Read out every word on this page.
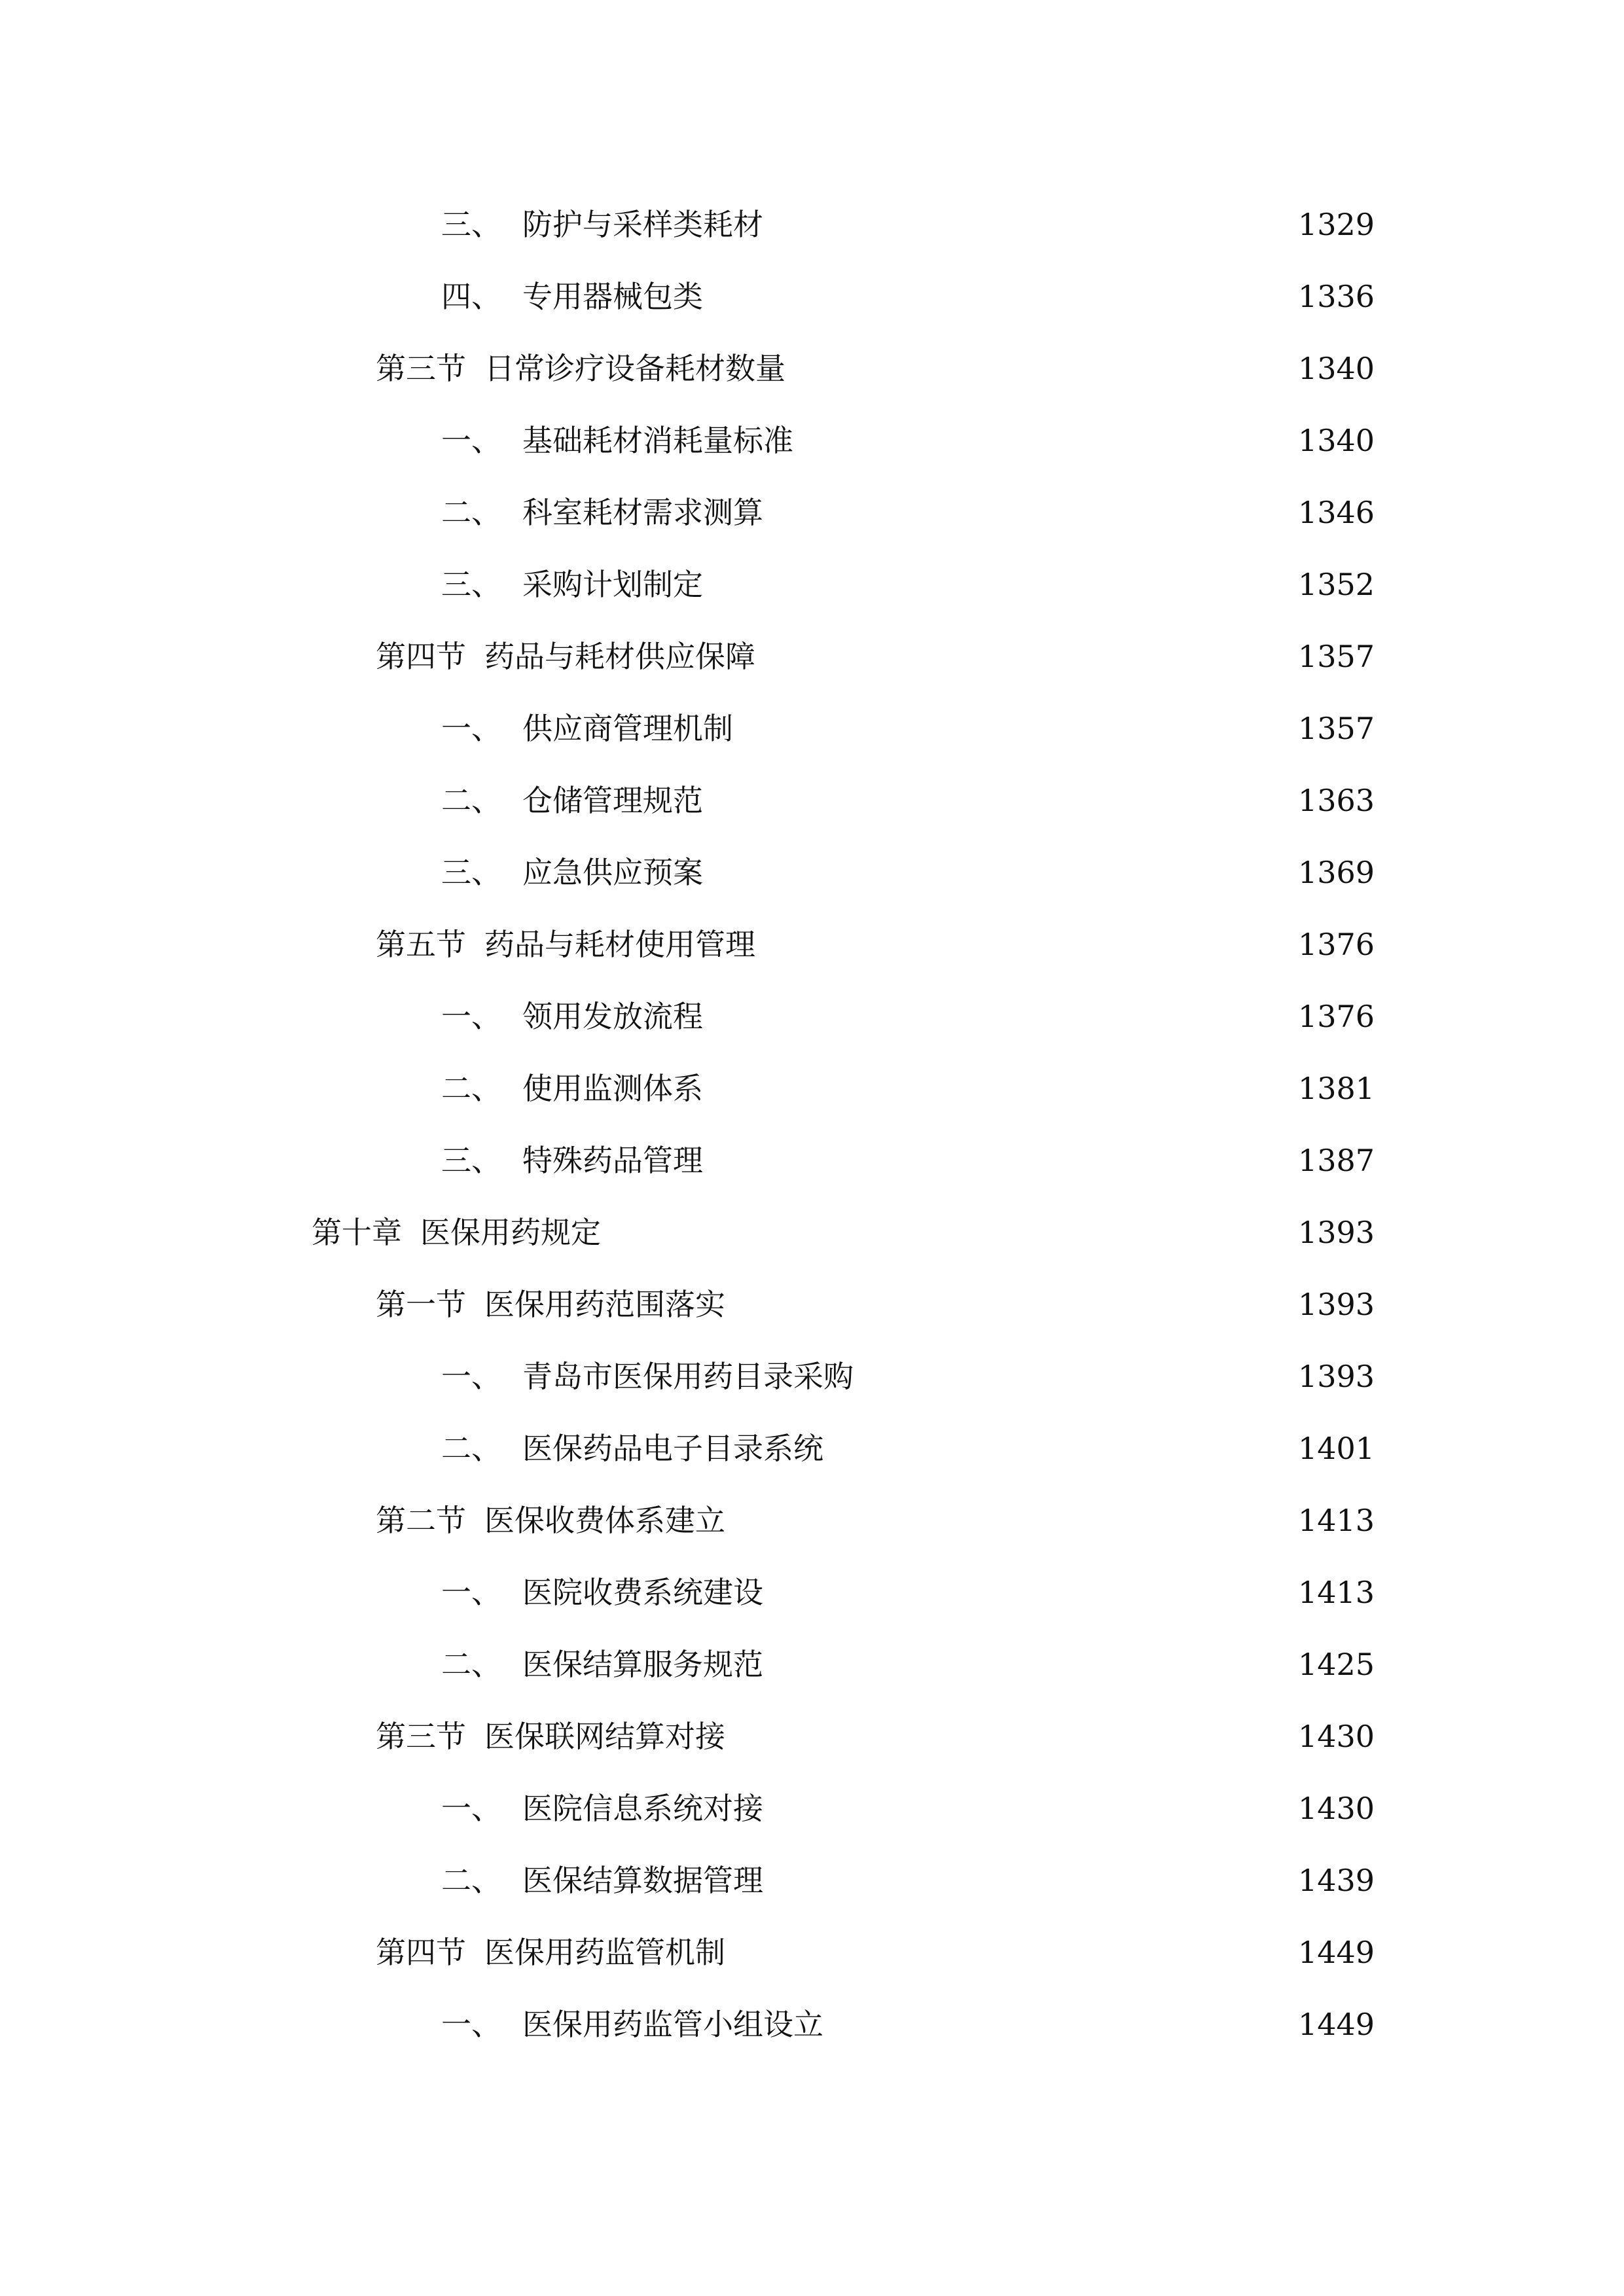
三、 防护与采样类耗材	1329
四、 专用器械包类	1336
第三节 日常诊疗设备耗材数量	1340
一、 基础耗材消耗量标准	1340
二、 科室耗材需求测算	1346
三、 采购计划制定	1352
第四节 药品与耗材供应保障	1357
一、 供应商管理机制	1357
二、 仓储管理规范	1363
三、 应急供应预案	1369
第五节 药品与耗材使用管理	1376
一、 领用发放流程	1376
二、 使用监测体系	1381
三、 特殊药品管理	1387
第十章 医保用药规定	1393
第一节 医保用药范围落实	1393
一、 青岛市医保用药目录采购	1393
二、 医保药品电子目录系统	1401
第二节 医保收费体系建立	1413
一、 医院收费系统建设	1413
二、 医保结算服务规范	1425
第三节 医保联网结算对接	1430
一、 医院信息系统对接	1430
二、 医保结算数据管理	1439
第四节 医保用药监管机制	1449
一、 医保用药监管小组设立	1449
